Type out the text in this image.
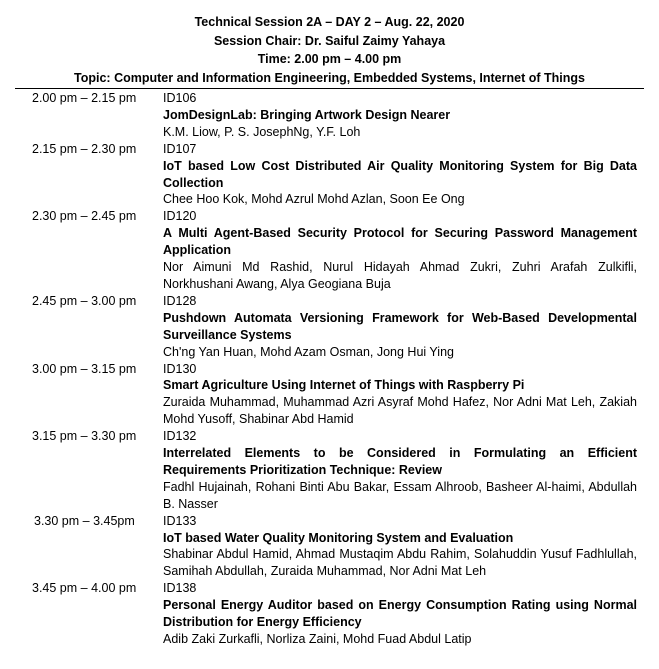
Technical Session 2A – DAY 2 – Aug. 22, 2020
Session Chair: Dr. Saiful Zaimy Yahaya
Time: 2.00 pm – 4.00 pm
Topic: Computer and Information Engineering, Embedded Systems, Internet of Things
2.00 pm – 2.15 pm ID106
JomDesignLab: Bringing Artwork Design Nearer
K.M. Liow, P. S. JosephNg, Y.F. Loh
2.15 pm – 2.30 pm ID107
IoT based Low Cost Distributed Air Quality Monitoring System for Big Data Collection
Chee Hoo Kok, Mohd Azrul Mohd Azlan, Soon Ee Ong
2.30 pm – 2.45 pm ID120
A Multi Agent-Based Security Protocol for Securing Password Management Application
Nor Aimuni Md Rashid, Nurul Hidayah Ahmad Zukri, Zuhri Arafah Zulkifli, Norkhushani Awang, Alya Geogiana Buja
2.45 pm – 3.00 pm ID128
Pushdown Automata Versioning Framework for Web-Based Developmental Surveillance Systems
Ch'ng Yan Huan, Mohd Azam Osman, Jong Hui Ying
3.00 pm – 3.15 pm ID130
Smart Agriculture Using Internet of Things with Raspberry Pi
Zuraida Muhammad, Muhammad Azri Asyraf Mohd Hafez, Nor Adni Mat Leh, Zakiah Mohd Yusoff, Shabinar Abd Hamid
3.15 pm – 3.30 pm ID132
Interrelated Elements to be Considered in Formulating an Efficient Requirements Prioritization Technique: Review
Fadhl Hujainah, Rohani Binti Abu Bakar, Essam Alhroob, Basheer Al-haimi, Abdullah B. Nasser
3.30 pm – 3.45pm ID133
IoT based Water Quality Monitoring System and Evaluation
Shabinar Abdul Hamid, Ahmad Mustaqim Abdu Rahim, Solahuddin Yusuf Fadhlullah, Samihah Abdullah, Zuraida Muhammad, Nor Adni Mat Leh
3.45 pm – 4.00 pm ID138
Personal Energy Auditor based on Energy Consumption Rating using Normal Distribution for Energy Efficiency
Adib Zaki Zurkafli, Norliza Zaini, Mohd Fuad Abdul Latip
